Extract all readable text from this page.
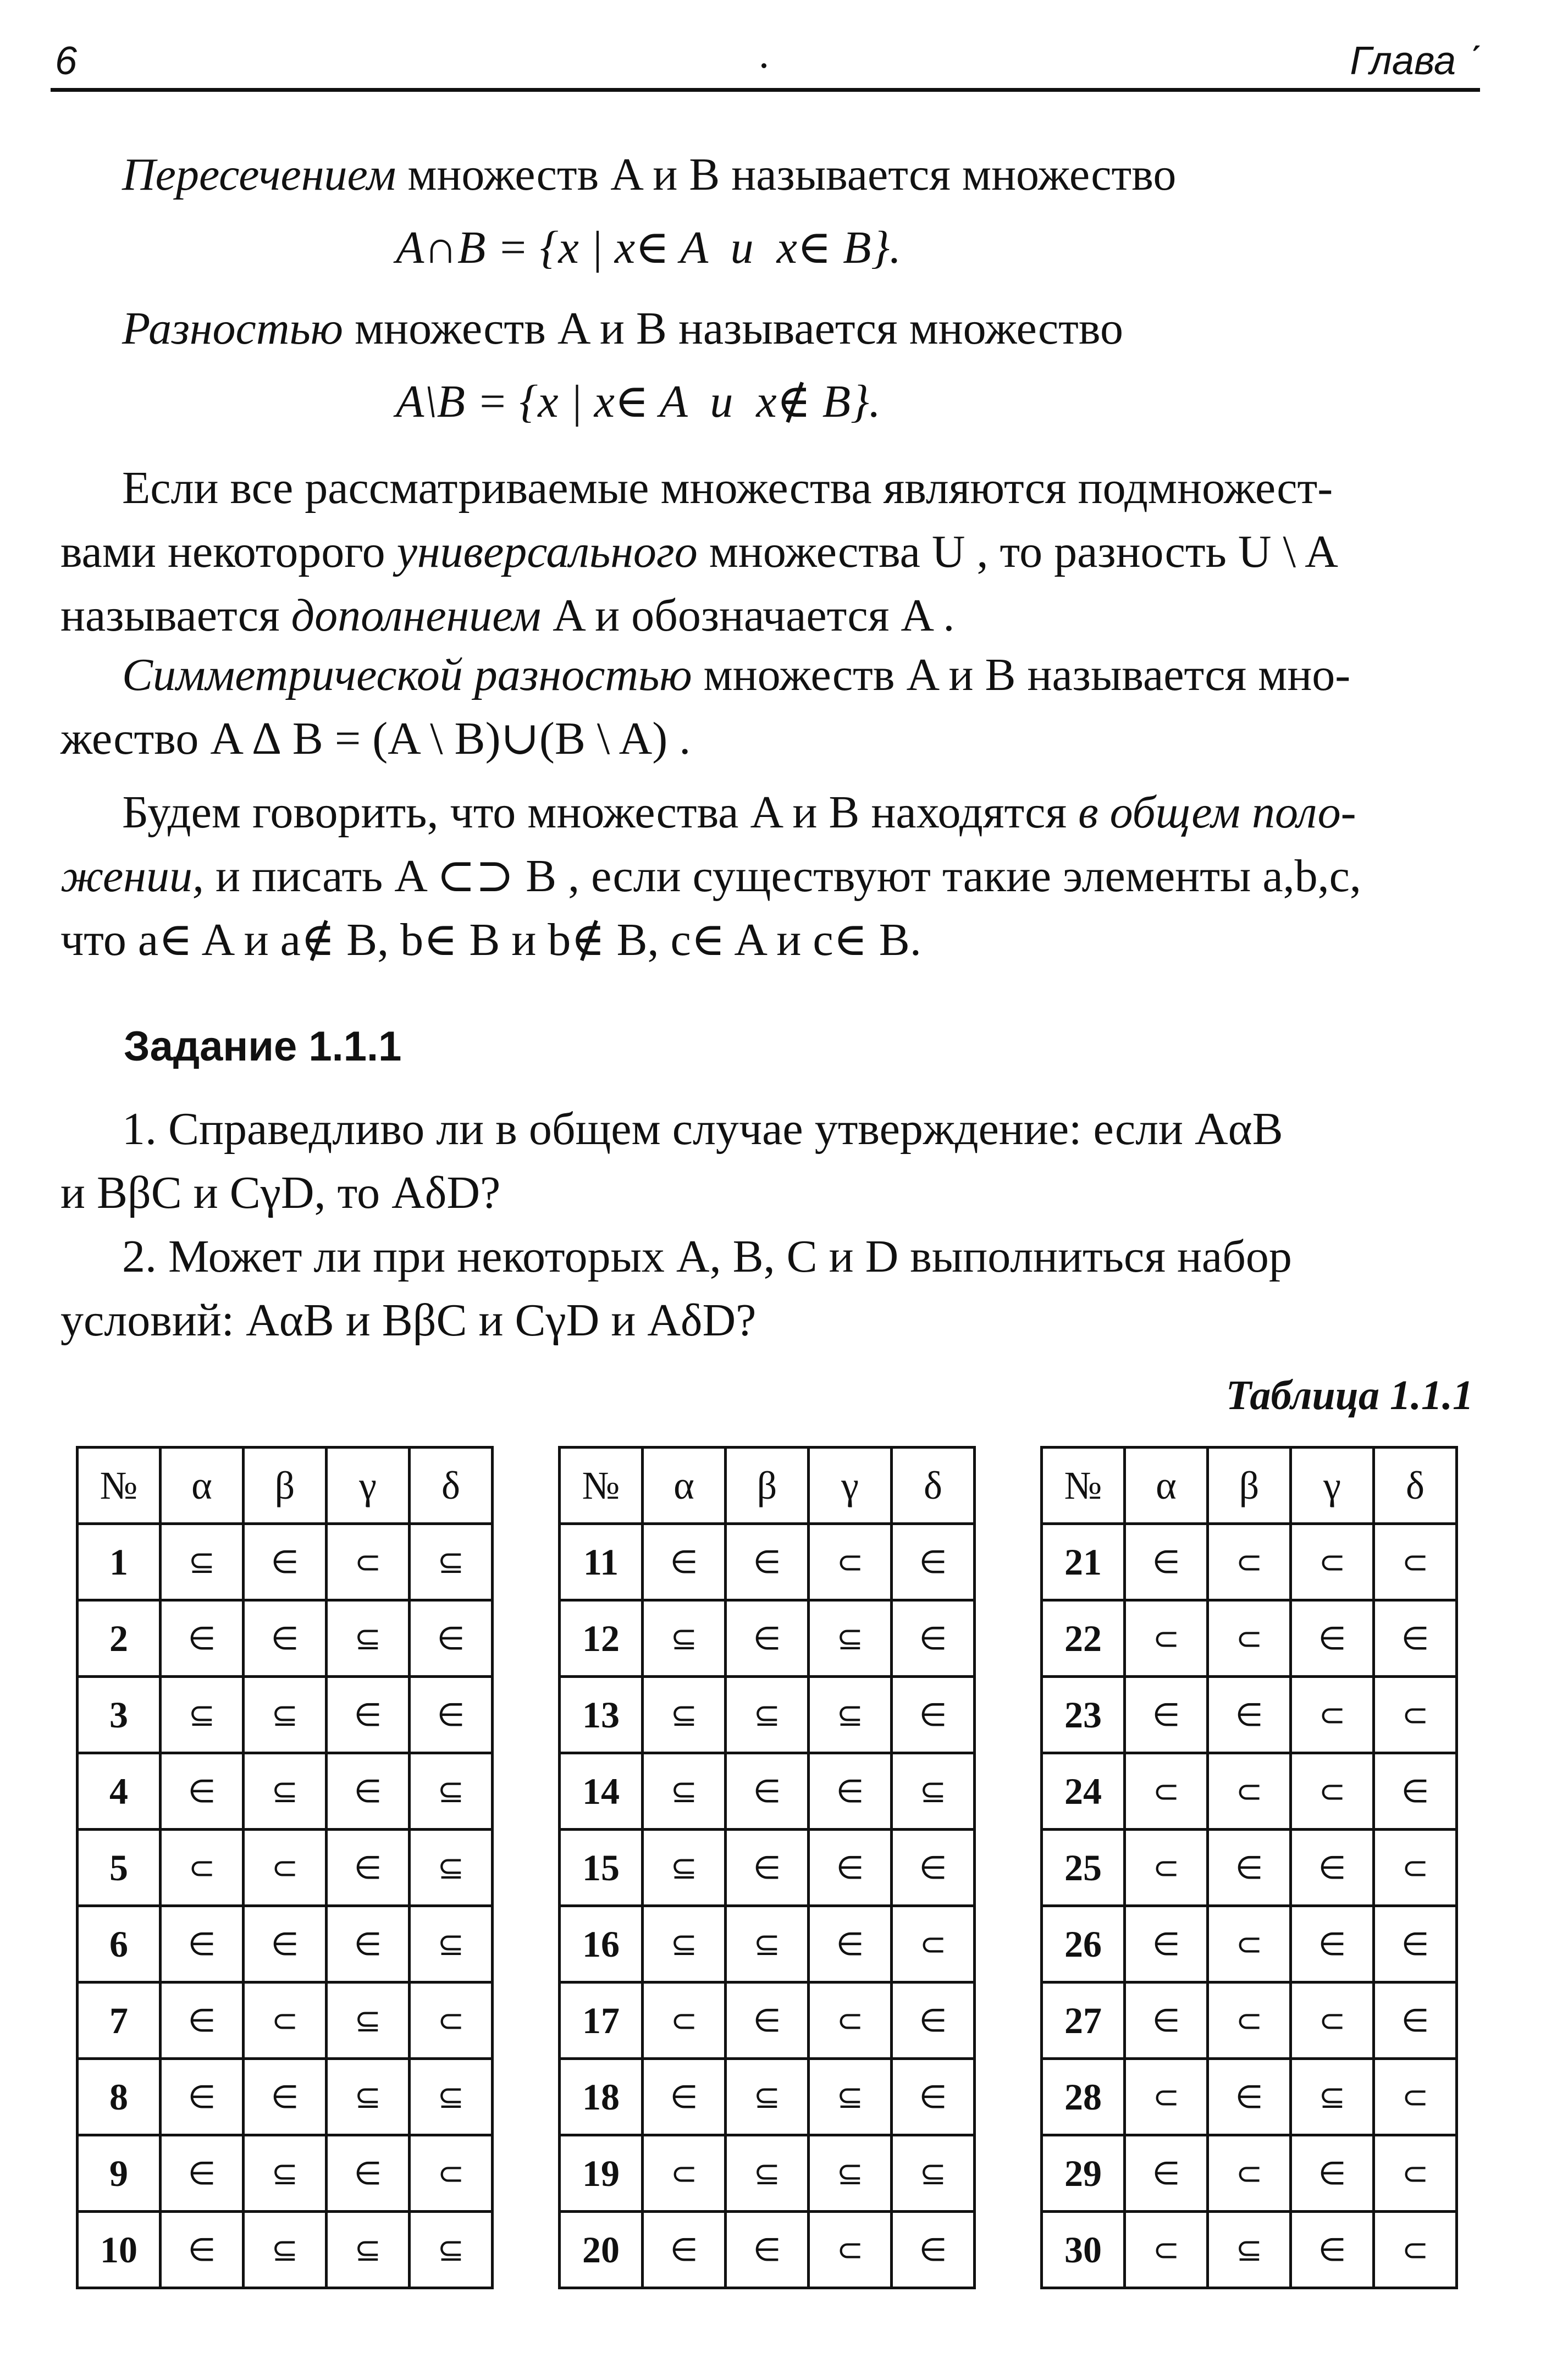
6	Глава ˊ

Пересечением множеств A и B называется множество

A∩B = {x | x∈ A  и  x∈ B}.

Разностью множеств A и B называется множество

A\B = {x | x∈ A  и  x∉ B}.

Если все рассматриваемые множества являются подмножест-

вами некоторого универсального множества U , то разность U \ A

называется дополнением A и обозначается A .

Симметрической разностью множеств A и B называется мно-

жество A ∆ B = (A \ B)∪(B \ A) .

Будем говорить, что множества A и B находятся в общем поло-

жении, и писать A ⊂⊃ B , если существуют такие элементы a,b,c,

что a∈ A и a∉ B, b∈ B и b∉ B, c∈ A и c∈ B.

Задание 1.1.1

1. Справедливо ли в общем случае утверждение: если AαB

и BβC и CγD, то AδD?

2. Может ли при некоторых A, B, C и D выполниться набор

условий: AαB и BβC и CγD и AδD?

Таблица 1.1.1
№	α	β	γ	δ
1	⊆	∈	⊂	⊆
2	∈	∈	⊆	∈
3	⊆	⊆	∈	∈
4	∈	⊆	∈	⊆
5	⊂	⊂	∈	⊆
6	∈	∈	∈	⊆
7	∈	⊂	⊆	⊂
8	∈	∈	⊆	⊆
9	∈	⊆	∈	⊂
10	∈	⊆	⊆	⊆
№	α	β	γ	δ
11	∈	∈	⊂	∈
12	⊆	∈	⊆	∈
13	⊆	⊆	⊆	∈
14	⊆	∈	∈	⊆
15	⊆	∈	∈	∈
16	⊆	⊆	∈	⊂
17	⊂	∈	⊂	∈
18	∈	⊆	⊆	∈
19	⊂	⊆	⊆	⊆
20	∈	∈	⊂	∈
№	α	β	γ	δ
21	∈	⊂	⊂	⊂
22	⊂	⊂	∈	∈
23	∈	∈	⊂	⊂
24	⊂	⊂	⊂	∈
25	⊂	∈	∈	⊂
26	∈	⊂	∈	∈
27	∈	⊂	⊂	∈
28	⊂	∈	⊆	⊂
29	∈	⊂	∈	⊂
30	⊂	⊆	∈	⊂
